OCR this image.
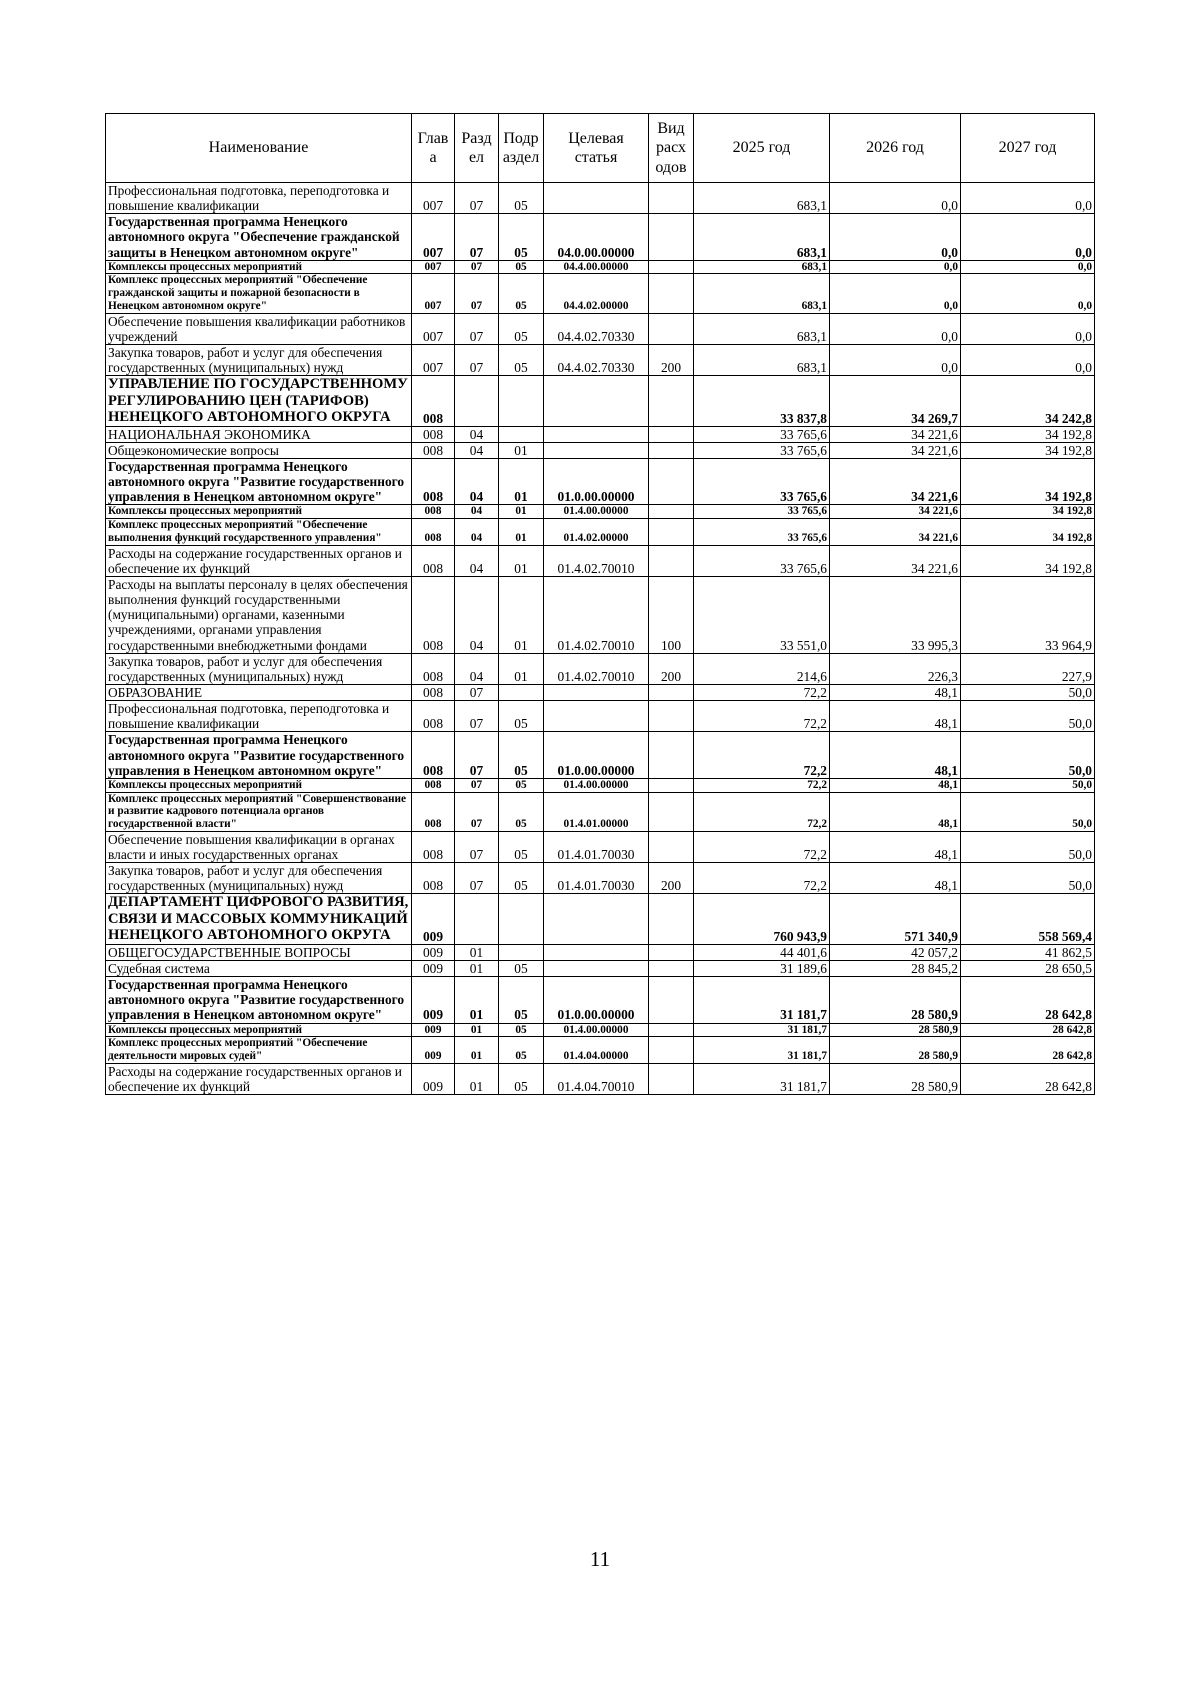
Наименование	Глав а	Разд ел	Подр аздел	Целевая статья	Вид расх одов	2025 год	2026 год	2027 год
Профессиональная подготовка, переподготовка и повышение квалификации	007	07	05			683,1	0,0	0,0
Государственная программа Ненецкого автономного округа "Обеспечение гражданской защиты в Ненецком автономном округе"	007	07	05	04.0.00.00000		683,1	0,0	0,0
Комплексы процессных мероприятий	007	07	05	04.4.00.00000		683,1	0,0	0,0
Комплекс процессных мероприятий "Обеспечение гражданской защиты и пожарной безопасности в Ненецком автономном округе"	007	07	05	04.4.02.00000		683,1	0,0	0,0
Обеспечение повышения квалификации работников учреждений	007	07	05	04.4.02.70330		683,1	0,0	0,0
Закупка товаров, работ и услуг для обеспечения государственных (муниципальных) нужд	007	07	05	04.4.02.70330	200	683,1	0,0	0,0
УПРАВЛЕНИЕ ПО ГОСУДАРСТВЕННОМУ РЕГУЛИРОВАНИЮ ЦЕН (ТАРИФОВ) НЕНЕЦКОГО АВТОНОМНОГО ОКРУГА	008					33 837,8	34 269,7	34 242,8
НАЦИОНАЛЬНАЯ ЭКОНОМИКА	008	04				33 765,6	34 221,6	34 192,8
Общеэкономические вопросы	008	04	01			33 765,6	34 221,6	34 192,8
Государственная программа Ненецкого автономного округа "Развитие государственного управления в Ненецком автономном округе"	008	04	01	01.0.00.00000		33 765,6	34 221,6	34 192,8
Комплексы процессных мероприятий	008	04	01	01.4.00.00000		33 765,6	34 221,6	34 192,8
Комплекс процессных мероприятий "Обеспечение выполнения функций государственного управления"	008	04	01	01.4.02.00000		33 765,6	34 221,6	34 192,8
Расходы на содержание государственных органов и обеспечение их функций	008	04	01	01.4.02.70010		33 765,6	34 221,6	34 192,8
Расходы на выплаты персоналу в целях обеспечения выполнения функций государственными (муниципальными) органами, казенными учреждениями, органами управления государственными внебюджетными фондами	008	04	01	01.4.02.70010	100	33 551,0	33 995,3	33 964,9
Закупка товаров, работ и услуг для обеспечения государственных (муниципальных) нужд	008	04	01	01.4.02.70010	200	214,6	226,3	227,9
ОБРАЗОВАНИЕ	008	07				72,2	48,1	50,0
Профессиональная подготовка, переподготовка и повышение квалификации	008	07	05			72,2	48,1	50,0
Государственная программа Ненецкого автономного округа "Развитие государственного управления в Ненецком автономном округе"	008	07	05	01.0.00.00000		72,2	48,1	50,0
Комплексы процессных мероприятий	008	07	05	01.4.00.00000		72,2	48,1	50,0
Комплекс процессных мероприятий "Совершенствование и развитие кадрового потенциала органов государственной власти"	008	07	05	01.4.01.00000		72,2	48,1	50,0
Обеспечение повышения квалификации в органах власти и иных государственных органах	008	07	05	01.4.01.70030		72,2	48,1	50,0
Закупка товаров, работ и услуг для обеспечения государственных (муниципальных) нужд	008	07	05	01.4.01.70030	200	72,2	48,1	50,0
ДЕПАРТАМЕНТ ЦИФРОВОГО РАЗВИТИЯ, СВЯЗИ И МАССОВЫХ КОММУНИКАЦИЙ НЕНЕЦКОГО АВТОНОМНОГО ОКРУГА	009					760 943,9	571 340,9	558 569,4
ОБЩЕГОСУДАРСТВЕННЫЕ ВОПРОСЫ	009	01				44 401,6	42 057,2	41 862,5
Судебная система	009	01	05			31 189,6	28 845,2	28 650,5
Государственная программа Ненецкого автономного округа "Развитие государственного управления в Ненецком автономном округе"	009	01	05	01.0.00.00000		31 181,7	28 580,9	28 642,8
Комплексы процессных мероприятий	009	01	05	01.4.00.00000		31 181,7	28 580,9	28 642,8
Комплекс процессных мероприятий "Обеспечение деятельности мировых судей"	009	01	05	01.4.04.00000		31 181,7	28 580,9	28 642,8
Расходы на содержание государственных органов и обеспечение их функций	009	01	05	01.4.04.70010		31 181,7	28 580,9	28 642,8
11
